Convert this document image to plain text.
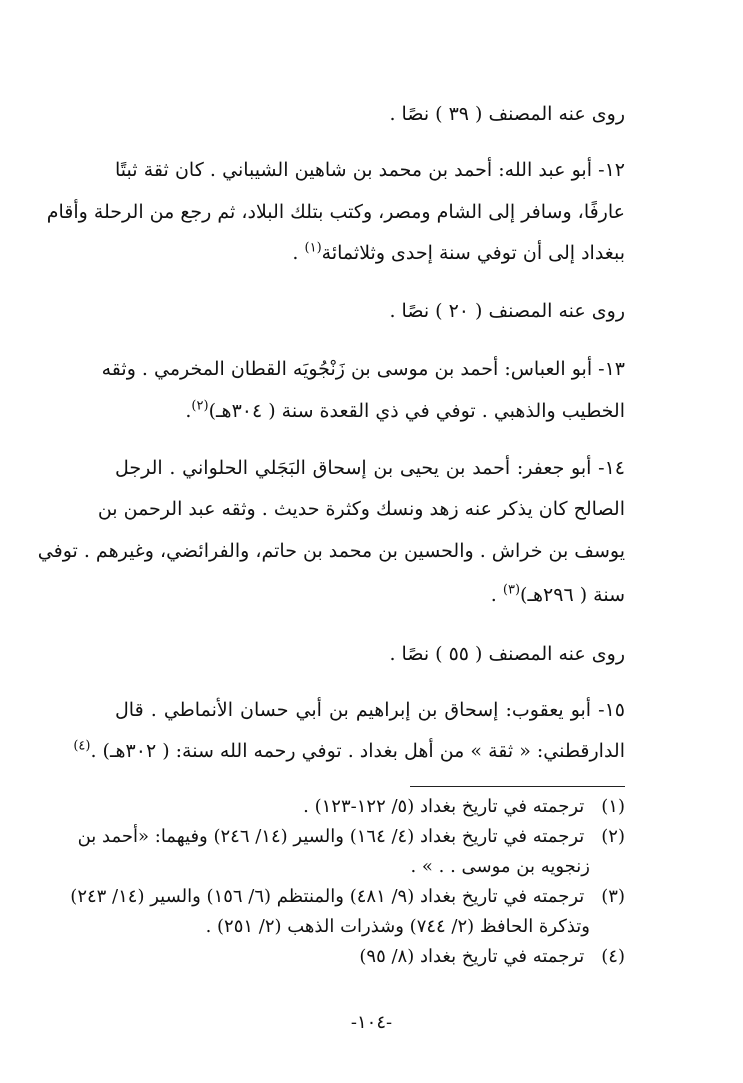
روى عنه المصنف ( ٣٩ ) نصًا .
١٢- أبو عبد الله: أحمد بن محمد بن شاهين الشيباني . كان ثقة ثبتًا
عارفًا، وسافر إلى الشام ومصر، وكتب بتلك البلاد، ثم رجع من الرحلة وأقام
ببغداد إلى أن توفي سنة إحدى وثلاثمائة$^{(١)}$ .
روى عنه المصنف ( ٢٠ ) نصًا .
١٣- أبو العباس: أحمد بن موسى بن زَنْجُويَه القطان المخرمي . وثقه
الخطيب والذهبي . توفي في ذي القعدة سنة ( ٣٠٤هـ)$^{(٢)}$.
١٤- أبو جعفر: أحمد بن يحيى بن إسحاق البَجَلي الحلواني . الرجل
الصالح كان يذكر عنه زهد ونسك وكثرة حديث . وثقه عبد الرحمن بن
يوسف بن خراش . والحسين بن محمد بن حاتم، والفرائضي، وغيرهم . توفي
سنة ( ٢٩٦هـ)$^{(٣)}$ .
روى عنه المصنف ( ٥٥ ) نصًا .
١٥- أبو يعقوب: إسحاق بن إبراهيم بن أبي حسان الأنماطي . قال
الدارقطني: « ثقة » من أهل بغداد . توفي رحمه الله سنة: ( ٣٠٢هـ) .$^{(٤)}$
(١) ترجمته في تاريخ بغداد (٥/ ١٢٢-١٢٣) .
(٢) ترجمته في تاريخ بغداد (٤/ ١٦٤) والسير (١٤/ ٢٤٦) وفيهما: «أحمد بن
زنجويه بن موسى . . » .
(٣) ترجمته في تاريخ بغداد (٩/ ٤٨١) والمنتظم (٦/ ١٥٦) والسير (١٤/ ٢٤٣)
وتذكرة الحافظ (٢/ ٧٤٤) وشذرات الذهب (٢/ ٢٥١) .
(٤) ترجمته في تاريخ بغداد (٨/ ٩٥)
-١٠٤-
